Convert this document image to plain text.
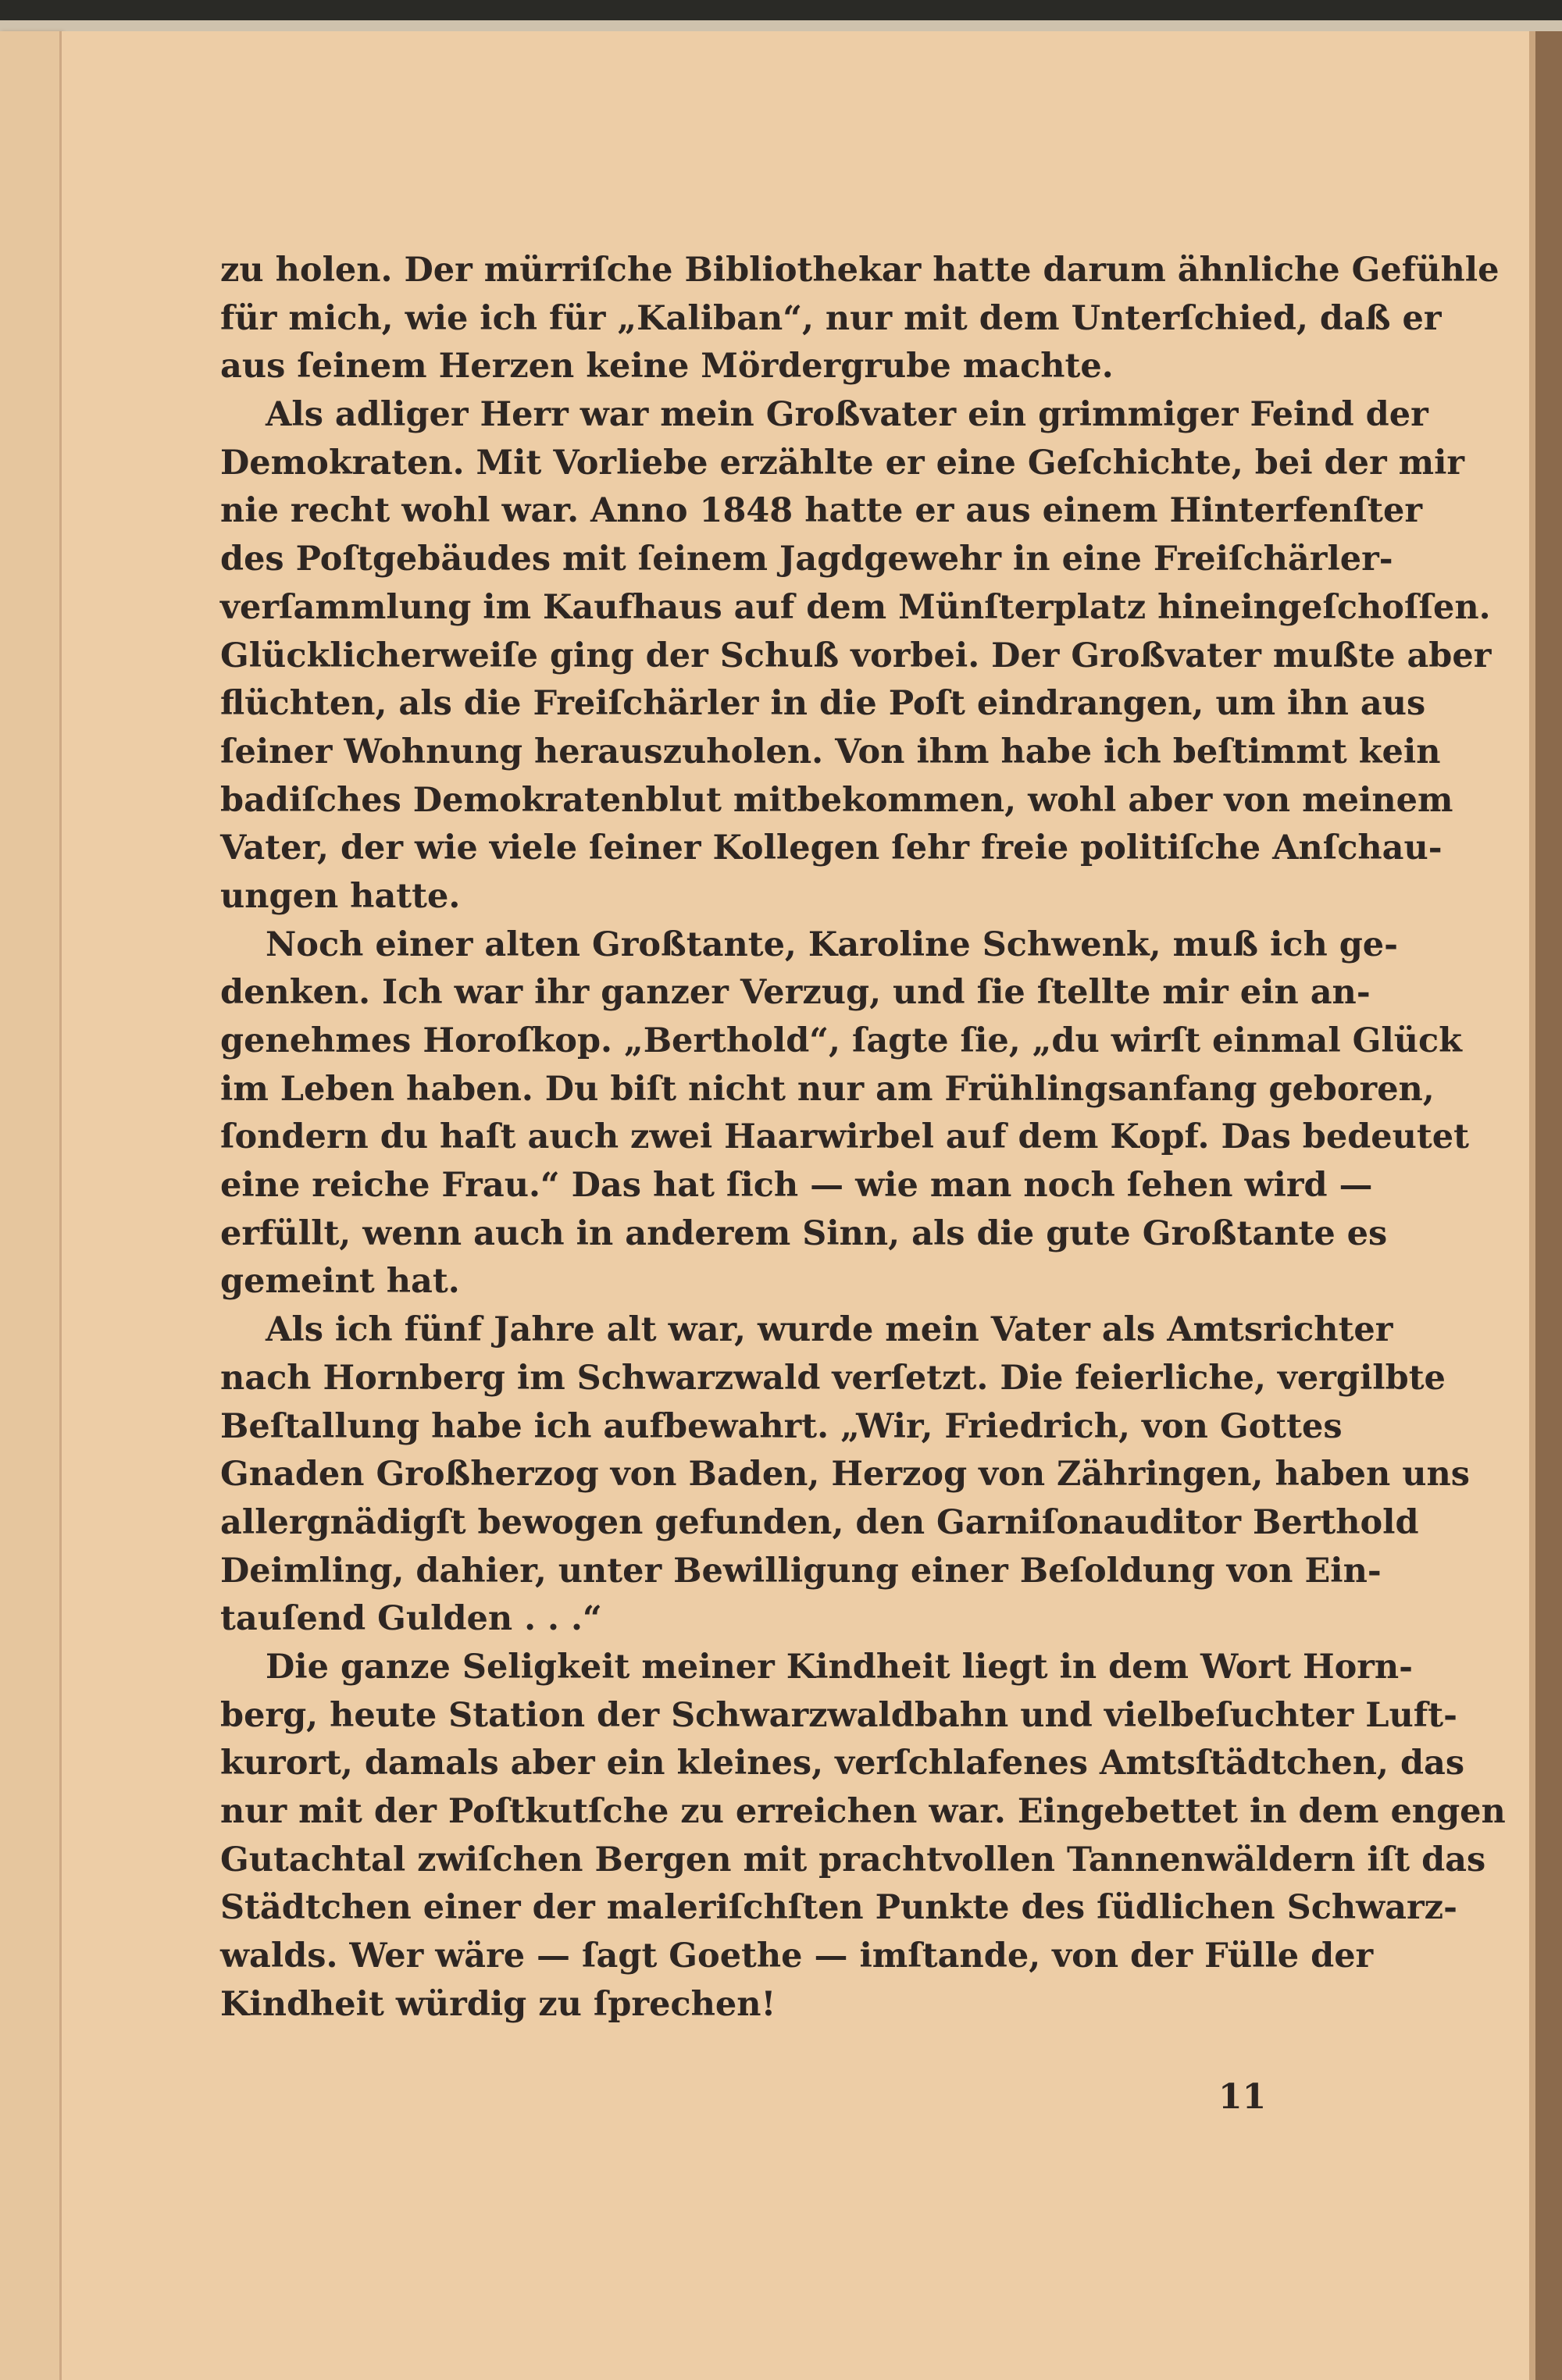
zu holen. Der mürriſche Bibliothekar hatte darum ähnliche Gefühle
für mich, wie ich für „Kaliban“, nur mit dem Unterſchied, daß er
aus ſeinem Herzen keine Mördergrube machte.
Als adliger Herr war mein Großvater ein grimmiger Feind der
Demokraten. Mit Vorliebe erzählte er eine Geſchichte, bei der mir
nie recht wohl war. Anno 1848 hatte er aus einem Hinterfenſter
des Poſtgebäudes mit ſeinem Jagdgewehr in eine Freiſchärler-
verſammlung im Kaufhaus auf dem Münſterplatz hineingeſchoſſen.
Glücklicherweiſe ging der Schuß vorbei. Der Großvater mußte aber
flüchten, als die Freiſchärler in die Poſt eindrangen, um ihn aus
ſeiner Wohnung herauszuholen. Von ihm habe ich beſtimmt kein
badiſches Demokratenblut mitbekommen, wohl aber von meinem
Vater, der wie viele ſeiner Kollegen ſehr freie politiſche Anſchau-
ungen hatte.
Noch einer alten Großtante, Karoline Schwenk, muß ich ge-
denken. Ich war ihr ganzer Verzug, und ſie ſtellte mir ein an-
genehmes Horoſkop. „Berthold“, ſagte ſie, „du wirſt einmal Glück
im Leben haben. Du biſt nicht nur am Frühlingsanfang geboren,
ſondern du haſt auch zwei Haarwirbel auf dem Kopf. Das bedeutet
eine reiche Frau.“ Das hat ſich — wie man noch ſehen wird —
erfüllt, wenn auch in anderem Sinn, als die gute Großtante es
gemeint hat.
Als ich fünf Jahre alt war, wurde mein Vater als Amtsrichter
nach Hornberg im Schwarzwald verſetzt. Die feierliche, vergilbte
Beſtallung habe ich aufbewahrt. „Wir, Friedrich, von Gottes
Gnaden Großherzog von Baden, Herzog von Zähringen, haben uns
allergnädigſt bewogen gefunden, den Garniſonauditor Berthold
Deimling, dahier, unter Bewilligung einer Beſoldung von Ein-
tauſend Gulden . . .“
Die ganze Seligkeit meiner Kindheit liegt in dem Wort Horn-
berg, heute Station der Schwarzwaldbahn und vielbeſuchter Luft-
kurort, damals aber ein kleines, verſchlafenes Amtsſtädtchen, das
nur mit der Poſtkutſche zu erreichen war. Eingebettet in dem engen
Gutachtal zwiſchen Bergen mit prachtvollen Tannenwäldern iſt das
Städtchen einer der maleriſchſten Punkte des ſüdlichen Schwarz-
walds. Wer wäre — ſagt Goethe — imſtande, von der Fülle der
Kindheit würdig zu ſprechen!
11
